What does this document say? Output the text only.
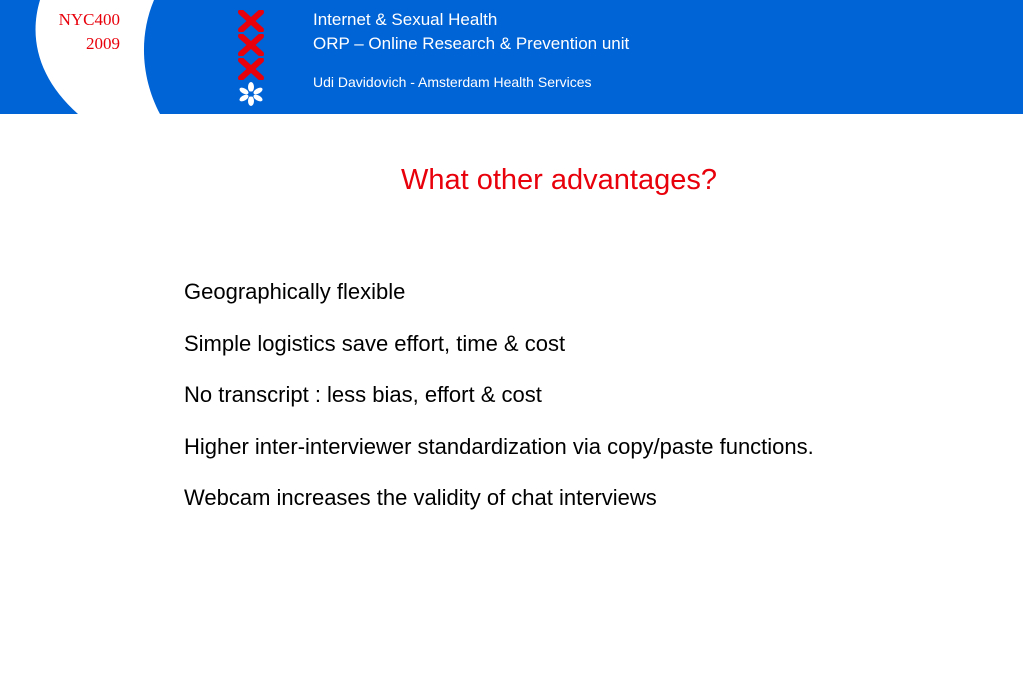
NYC400
2009
Internet & Sexual Health
ORP – Online Research & Prevention unit
Udi Davidovich - Amsterdam Health Services
What other advantages?
Geographically flexible
Simple logistics save effort, time & cost
No transcript : less bias, effort & cost
Higher inter-interviewer standardization via copy/paste functions.
Webcam increases the validity of chat interviews
